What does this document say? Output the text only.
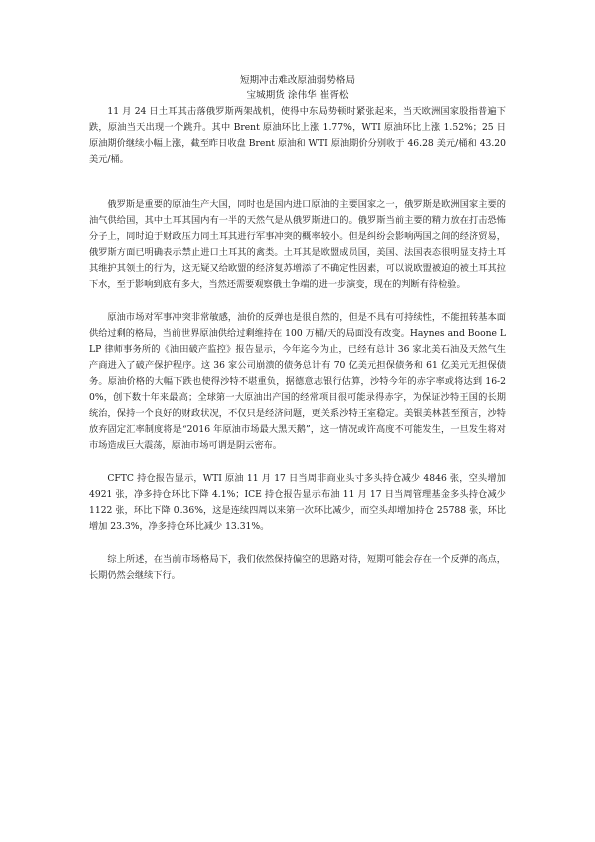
短期冲击难改原油弱势格局

宝城期货 涂伟华 崔胥松

11 月 24 日土耳其击落俄罗斯两架战机，使得中东局势顿时紧张起来，当天欧洲国家股指普遍下跌，原油当天出现一个跳升。其中 Brent 原油环比上涨 1.77%，WTI 原油环比上涨 1.52%；25 日原油期价继续小幅上涨，截至昨日收盘 Brent 原油和 WTI 原油期价分别收于 46.28 美元/桶和 43.20 美元/桶。

俄罗斯是重要的原油生产大国，同时也是国内进口原油的主要国家之一，俄罗斯是欧洲国家主要的油气供给国，其中土耳其国内有一半的天然气是从俄罗斯进口的。俄罗斯当前主要的精力放在打击恐怖分子上，同时迫于财政压力同土耳其进行军事冲突的概率较小。但是纠纷会影响两国之间的经济贸易，俄罗斯方面已明确表示禁止进口土耳其的禽类。土耳其是欧盟成员国，美国、法国表态很明显支持土耳其维护其领土的行为，这无疑又给欧盟的经济复苏增添了不确定性因素，可以说欧盟被迫的被土耳其拉下水，至于影响到底有多大，当然还需要观察俄土争端的进一步演变，现在的判断有待检验。

原油市场对军事冲突非常敏感，油价的反弹也是很自然的，但是不具有可持续性，不能扭转基本面供给过剩的格局，当前世界原油供给过剩维持在 100 万桶/天的局面没有改变。Haynes and Boone LLP 律师事务所的《油田破产监控》报告显示，今年迄今为止，已经有总计 36 家北美石油及天然气生产商进入了破产保护程序。这 36 家公司崩溃的债务总计有 70 亿美元担保债务和 61 亿美元无担保债务。原油价格的大幅下跌也使得沙特不堪重负，据德意志银行估算，沙特今年的赤字率或将达到 16-20%，创下数十年来最高；全球第一大原油出产国的经常项目很可能录得赤字，为保证沙特王国的长期统治，保持一个良好的财政状况，不仅只是经济问题，更关系沙特王室稳定。美银美林甚至预言，沙特放弃固定汇率制度将是“2016 年原油市场最大黑天鹅”，这一情况或许高度不可能发生，一旦发生将对市场造成巨大震荡，原油市场可谓是阴云密布。

CFTC 持仓报告显示，WTI 原油 11 月 17 日当周非商业头寸多头持仓减少 4846 张，空头增加 4921 张，净多持仓环比下降 4.1%；ICE 持仓报告显示布油 11 月 17 日当周管理基金多头持仓减少 1122 张，环比下降 0.36%，这是连续四周以来第一次环比减少，而空头却增加持仓 25788 张，环比增加 23.3%，净多持仓环比减少 13.31%。

综上所述，在当前市场格局下，我们依然保持偏空的思路对待，短期可能会存在一个反弹的高点，长期仍然会继续下行。
